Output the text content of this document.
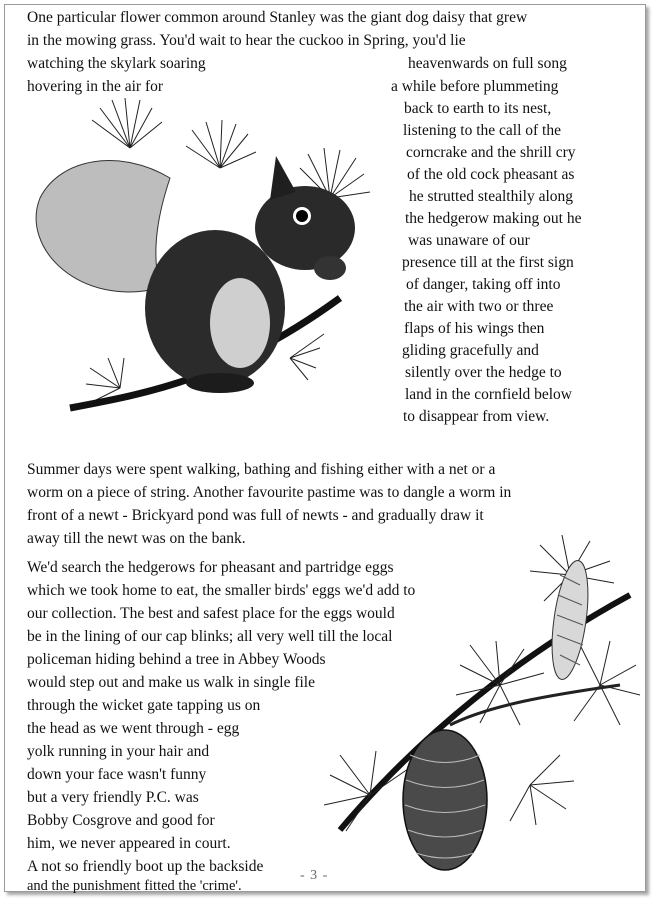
One particular flower common around Stanley was the giant dog daisy that grew
in the mowing grass. You'd wait to hear the cuckoo in Spring, you'd lie
watching the skylark soaring	heavenwards on full song
hovering in the air for	a while before plummeting
back to earth to its nest,
listening to the call of the
corncrake and the shrill cry
of the old cock pheasant as
he strutted stealthily along
the hedgerow making out he
was unaware of our
presence till at the first sign
of danger, taking off into
the air with two or three
flaps of his wings then
gliding gracefully and
silently over the hedge to
land in the cornfield below
to disappear from view.
Summer days were spent walking, bathing and fishing either with a net or a
worm on a piece of string. Another favourite pastime was to dangle a worm in
front of a newt - Brickyard pond was full of newts - and gradually draw it
away till the newt was on the bank.
We'd search the hedgerows for pheasant and partridge eggs
which we took home to eat, the smaller birds' eggs we'd add to
our collection. The best and safest place for the eggs would
be in the lining of our cap blinks; all very well till the local
policeman hiding behind a tree in Abbey Woods
would step out and make us walk in single file
through the wicket gate tapping us on
the head as we went through - egg
yolk running in your hair and
down your face wasn't funny
but a very friendly P.C. was
Bobby Cosgrove and good for
him, we never appeared in court.
A not so friendly boot up the backside
and the punishment fitted the 'crime'.
- 3 -
